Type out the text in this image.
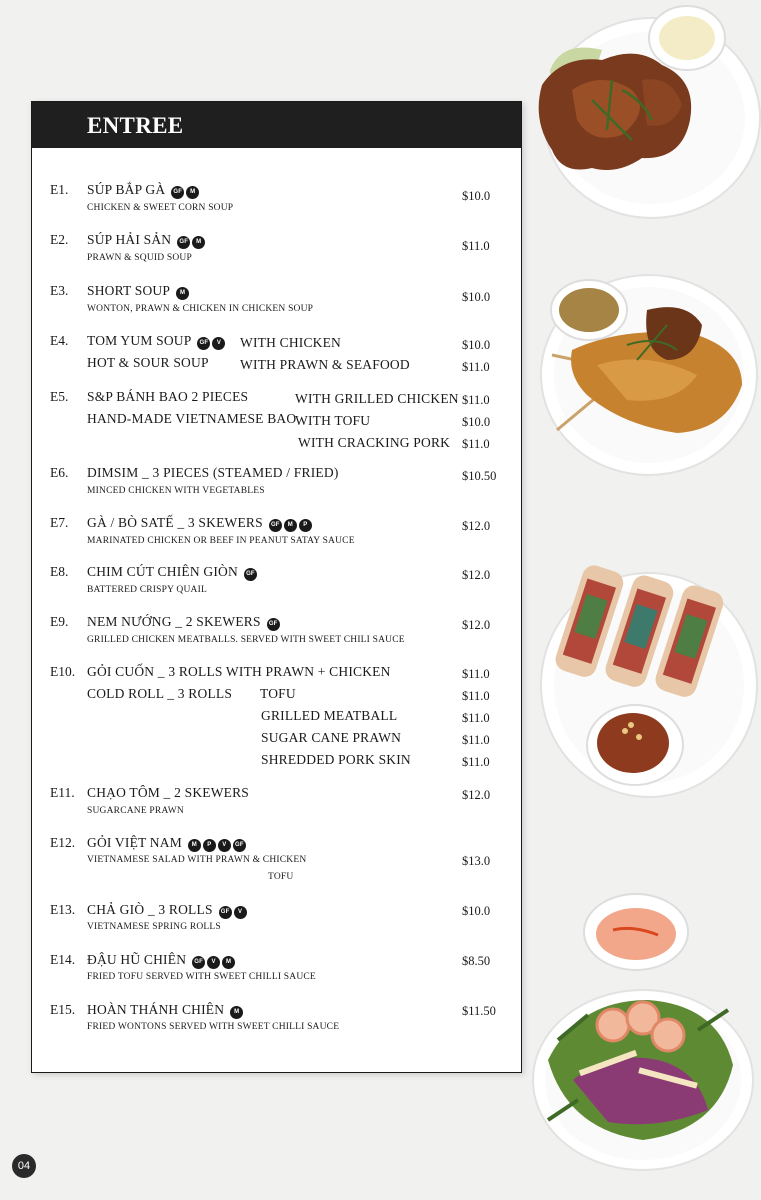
ENTREE
E1. SÚP BẮP GÀ GF M
CHICKEN & SWEET CORN SOUP
$10.0
E2. SÚP HẢI SẢN GF M
PRAWN & SQUID SOUP
$11.0
E3. SHORT SOUP M
WONTON, PRAWN & CHICKEN IN CHICKEN SOUP
$10.0
E4. TOM YUM SOUP GF V	WITH CHICKEN	$10.0
HOT & SOUR SOUP WITH PRAWN & SEAFOOD	$11.0
E5. S&P BÁNH BAO 2 PIECES
HAND-MADE VIETNAMESE BAO
WITH GRILLED CHICKEN $11.0
WITH TOFU	$10.0
WITH CRACKING PORK $11.0
E6. DIMSIM _ 3 PIECES (STEAMED / FRIED)
MINCED CHICKEN WITH VEGETABLES
$10.50
E7. GÀ / BÒ SATẾ _ 3 SKEWERS GF M P
MARINATED CHICKEN OR BEEF IN PEANUT SATAY SAUCE
$12.0
E8. CHIM CÚT CHIÊN GIÒN GF
BATTERED CRISPY QUAIL
$12.0
E9. NEM NƯỚNG _ 2 SKEWERS GF
GRILLED CHICKEN MEATBALLS. SERVED WITH SWEET CHILI SAUCE
$12.0
E10. GỎI CUỐN _ 3 ROLLS WITH PRAWN + CHICKEN	$11.0
COLD ROLL _ 3 ROLLS TOFU	$11.0
GRILLED MEATBALL	$11.0
SUGAR CANE PRAWN	$11.0
SHREDDED PORK SKIN	$11.0
E11. CHẠO TÔM _ 2 SKEWERS
SUGARCANE PRAWN
$12.0
E12. GỎI VIỆT NAM M P V GF
VIETNAMESE SALAD WITH PRAWN & CHICKEN
TOFU
$13.0
E13. CHẢ GIÒ _ 3 ROLLS GF V
VIETNAMESE SPRING ROLLS
$10.0
E14. ĐẬU HŨ CHIÊN GF V M
FRIED TOFU SERVED WITH SWEET CHILLI SAUCE
$8.50
E15. HOÀN THÁNH CHIÊN M
FRIED WONTONS SERVED WITH SWEET CHILLI SAUCE
$11.50
04
